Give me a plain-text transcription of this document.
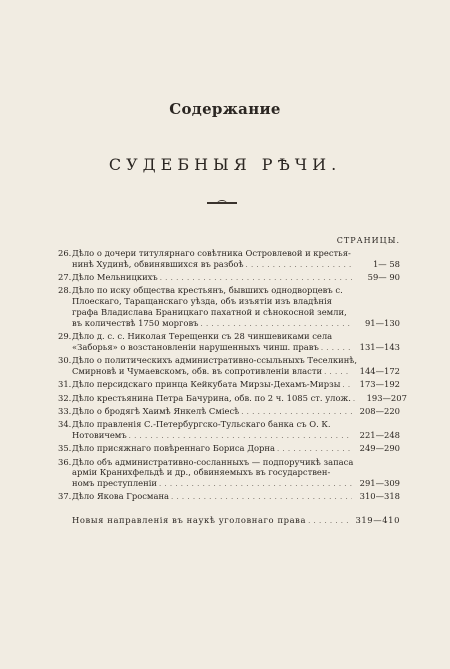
Содержание
СУДЕБНЫЯ РѢЧИ.
СТРАНИЦЫ.
26. Дѣло о дочери титулярнаго совѣтника Островлевой и крестья-
нинѣ Худинѣ, обвинявшихся въ разбоѣ . . .	1— 58
27. Дѣло Мельницкихъ . . .	59— 90
28. Дѣло по иску общества крестьянъ, бывшихъ однодворцевъ с.
Плоескаго, Таращанскаго уѣзда, объ изъятіи изъ владѣнія
графа Владислава Браницкаго пахатной и сѣнокосной земли,
въ количествѣ 1750 морговъ . . .	91—130
29. Дѣло д. с. с. Николая Терещенки съ 28 чиншевиками села
«Заборья» о возстановленіи нарушенныхъ чинш. правъ . . .	131—143
30. Дѣло о политическихъ административно-ссыльныхъ Теселкинѣ,
Смирновѣ и Чумаевскомъ, обв. въ сопротивленіи власти . . .	144—172
31. Дѣло персидскаго принца Кейкубата Мирзы-Дехамъ-Мирзы . . .	173—192
32. Дѣло крестьянина Петра Бачурина, обв. по 2 ч. 1085 ст. улож. . . .	193—207
33. Дѣло о бродягѣ Хаимѣ Янкелѣ Сміесѣ . . .	208—220
34. Дѣло правленія С.-Петербургско-Тульскаго банка съ О. К.
Нотовичемъ . . .	221—248
35. Дѣло присяжнаго повѣреннаго Бориса Дорна . . .	249—290
36. Дѣло объ административно-сосланныхъ — подпоручикѣ запаса
арміи Кранихфельдѣ и др., обвиняемыхъ въ государствен-
номъ преступленіи . . .	291—309
37. Дѣло Якова Гросмана . . .	310—318
Новыя направленія въ наукѣ уголовнаго права . . .	319—410
